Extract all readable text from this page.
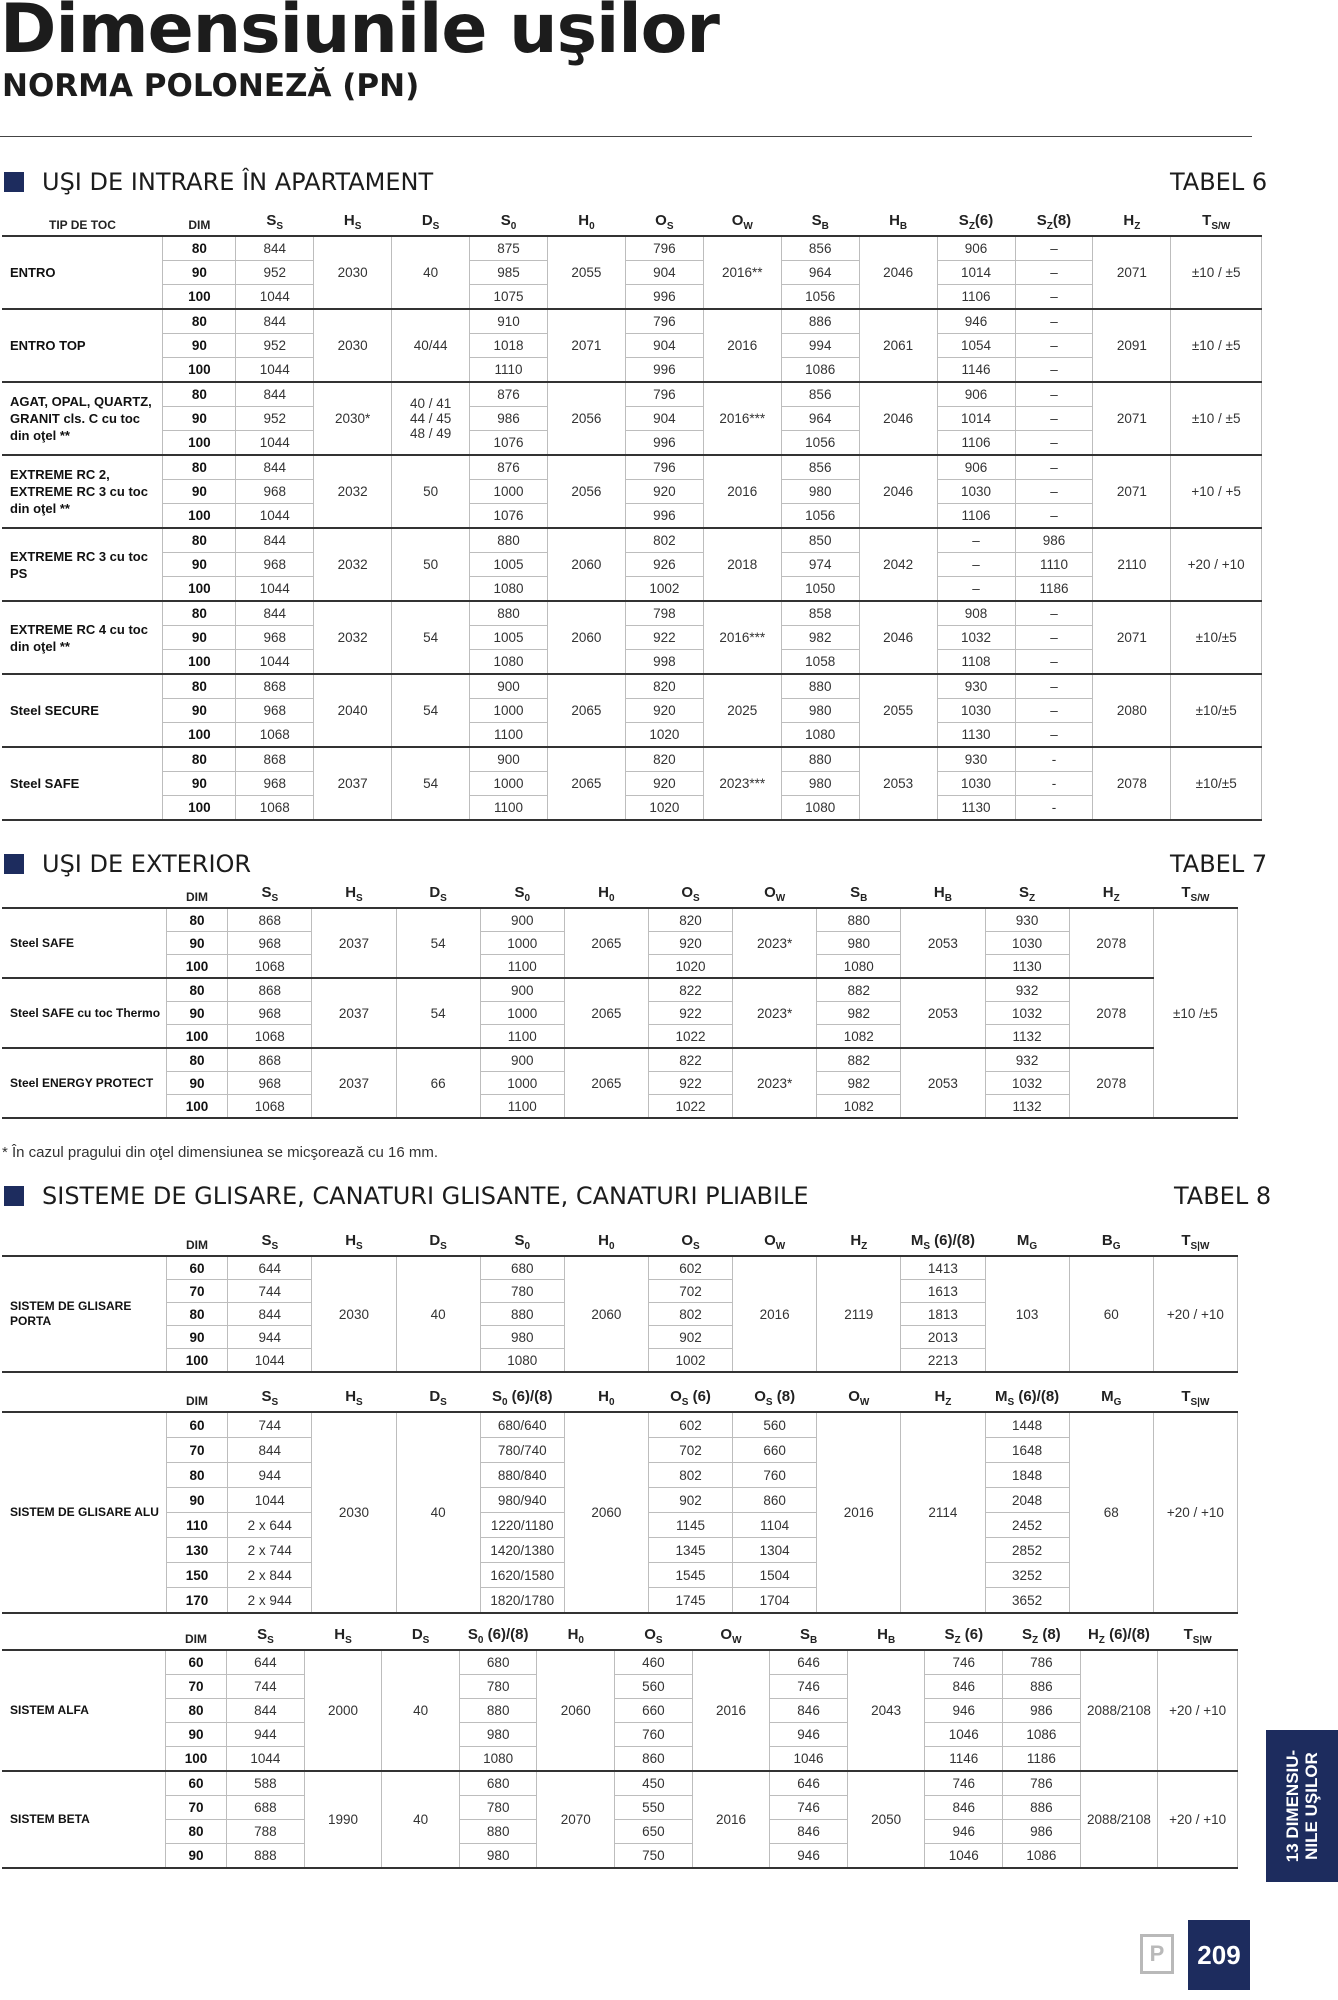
Dimensiunile uşilor
NORMA POLONEZĂ (PN)
UŞI DE INTRARE ÎN APARTAMENT	TABEL 6
TIP DE TOC	DIM	$S_S$	$H_S$	$D_S$	$S_0$	$H_0$	$O_S$	$O_W$	$S_B$	$H_B$	$S_Z(6)$	$S_Z(8)$	$H_Z$	$T_{S/W}$
ENTRO	80	844	2030	40	875	2055	796	2016**	856	2046	906	–	2071	±10 / ±5
	90	952			985		904		964		1014	–		
	100	1044			1075		996		1056		1106	–		
ENTRO TOP	80	844	2030	40/44	910	2071	796	2016	886	2061	946	–	2091	±10 / ±5
	90	952			1018		904		994		1054	–		
	100	1044			1110		996		1086		1146	–		
AGAT, OPAL, QUARTZ, GRANIT cls. C cu toc din oţel **	80	844	2030*	40 / 41
44 / 45
48 / 49	876	2056	796	2016***	856	2046	906	–	2071	±10 / ±5
	90	952			986		904		964		1014	–		
	100	1044			1076		996		1056		1106	–		
EXTREME RC 2, EXTREME RC 3 cu toc din oţel **	80	844	2032	50	876	2056	796	2016	856	2046	906	–	2071	+10 / +5
	90	968			1000		920		980		1030	–		
	100	1044			1076		996		1056		1106	–		
EXTREME RC 3 cu toc PS	80	844	2032	50	880	2060	802	2018	850	2042	–	986	2110	+20 / +10
	90	968			1005		926		974		–	1110		
	100	1044			1080		1002		1050		–	1186		
EXTREME RC 4 cu toc din oţel **	80	844	2032	54	880	2060	798	2016***	858	2046	908	–	2071	±10/±5
	90	968			1005		922		982		1032	–		
	100	1044			1080		998		1058		1108	–		
Steel SECURE	80	868	2040	54	900	2065	820	2025	880	2055	930	–	2080	±10/±5
	90	968			1000		920		980		1030	–		
	100	1068			1100		1020		1080		1130	–		
Steel SAFE	80	868	2037	54	900	2065	820	2023***	880	2053	930	-	2078	±10/±5
	90	968			1000		920		980		1030	-		
	100	1068			1100		1020		1080		1130	-		
UŞI DE EXTERIOR	TABEL 7
	DIM	$S_S$	$H_S$	$D_S$	$S_0$	$H_0$	$O_S$	$O_W$	$S_B$	$H_B$	$S_Z$	$H_Z$	$T_{S/W}$
Steel SAFE	80	868	2037	54	900	2065	820	2023*	880	2053	930	2078	±10 /±5
	90	968			1000		920		980		1030		
	100	1068			1100		1020		1080		1130		
Steel SAFE cu toc Thermo	80	868	2037	54	900	2065	822	2023*	882	2053	932	2078	
	90	968			1000		922		982		1032		
	100	1068			1100		1022		1082		1132		
Steel ENERGY PROTECT	80	868	2037	66	900	2065	822	2023*	882	2053	932	2078	
	90	968			1000		922		982		1032		
	100	1068			1100		1022		1082		1132		
* În cazul pragului din oţel dimensiunea se micşorează cu 16 mm.
SISTEME DE GLISARE, CANATURI GLISANTE, CANATURI PLIABILE	TABEL 8
	DIM	$S_S$	$H_S$	$D_S$	$S_0$	$H_0$	$O_S$	$O_W$	$H_Z$	$M_S$ (6)/(8)	$M_G$	$B_G$	$T_{S|W}$
SISTEM DE GLISARE PORTA	60	644	2030	40	680	2060	602	2016	2119	1413	103	60	+20 / +10
	70	744			780		702			1613			
	80	844			880		802			1813			
	90	944			980		902			2013			
	100	1044			1080		1002			2213			
	DIM	$S_S$	$H_S$	$D_S$	$S_0$ (6)/(8)	$H_0$	$O_S$ (6)	$O_S$ (8)	$O_W$	$H_Z$	$M_S$ (6)/(8)	$M_G$	$T_{S|W}$
SISTEM DE GLISARE ALU	60	744	2030	40	680/640	2060	602	560	2016	2114	1448	68	+20 / +10
	70	844			780/740		702	660			1648		
	80	944			880/840		802	760			1848		
	90	1044			980/940		902	860			2048		
	110	2 x 644			1220/1180		1145	1104			2452		
	130	2 x 744			1420/1380		1345	1304			2852		
	150	2 x 844			1620/1580		1545	1504			3252		
	170	2 x 944			1820/1780		1745	1704			3652		
	DIM	$S_S$	$H_S$	$D_S$	$S_0$ (6)/(8)	$H_0$	$O_S$	$O_W$	$S_B$	$H_B$	$S_Z$ (6)	$S_Z$ (8)	$H_Z$ (6)/(8)	$T_{S|W}$
SISTEM ALFA	60	644	2000	40	680	2060	460	2016	646	2043	746	786	2088/2108	+20 / +10
	70	744			780		560		746		846	886		
	80	844			880		660		846		946	986		
	90	944			980		760		946		1046	1086		
	100	1044			1080		860		1046		1146	1186		
SISTEM BETA	60	588	1990	40	680	2070	450	2016	646	2050	746	786	2088/2108	+20 / +10
	70	688			780		550		746		846	886		
	80	788			880		650		846		946	986		
	90	888			980		750		946		1046	1086			13 DIMENSIU- NILE UŞILOR
P	209
